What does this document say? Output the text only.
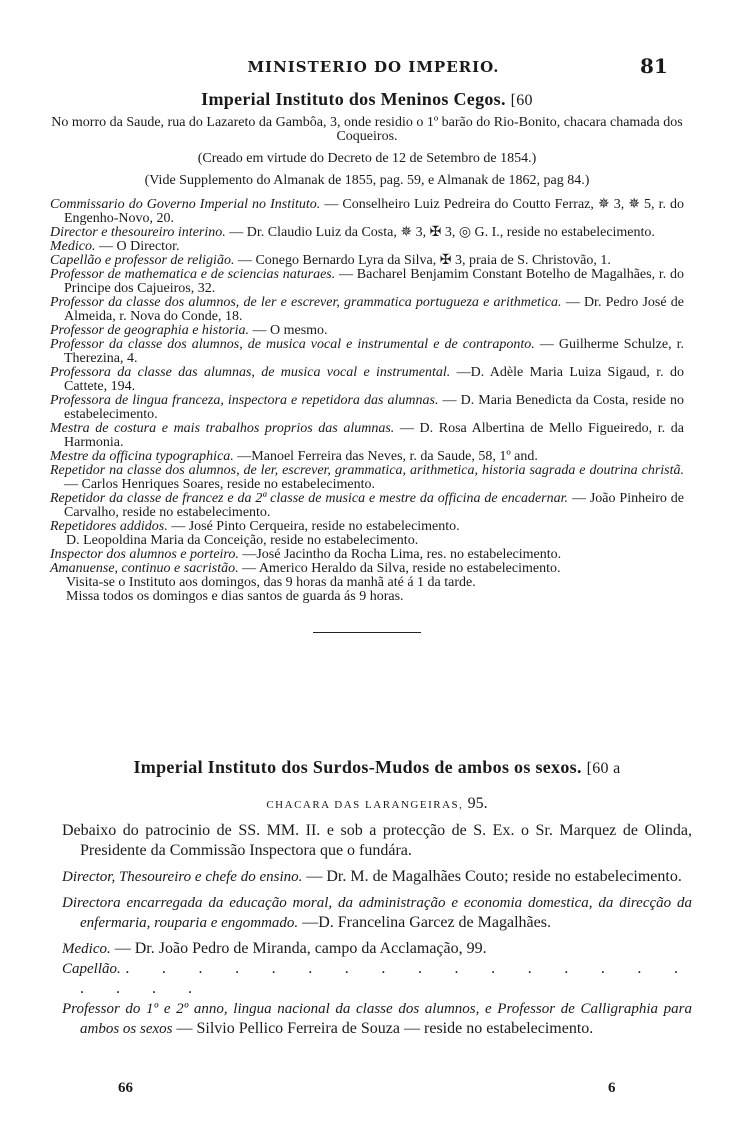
MINISTERIO DO IMPERIO.	81
Imperial Instituto dos Meninos Cegos. [60
No morro da Saude, rua do Lazareto da Gambôa, 3, onde residio o 1º barão do Rio-Bonito, chacara chamada dos Coqueiros.
(Creado em virtude do Decreto de 12 de Setembro de 1854.)
(Vide Supplemento do Almanak de 1855, pag. 59, e Almanak de 1862, pag 84.)
Commissario do Governo Imperial no Instituto. — Conselheiro Luiz Pedreira do Coutto Ferraz, ✵ 3, ✵ 5, r. do Engenho-Novo, 20.
Director e thesoureiro interino. — Dr. Claudio Luiz da Costa, ✵ 3, ✠ 3, ◎ G. I., reside no estabelecimento.
Medico. — O Director.
Capellão e professor de religião. — Conego Bernardo Lyra da Silva, ✠ 3, praia de S. Christovão, 1.
Professor de mathematica e de sciencias naturaes. — Bacharel Benjamim Constant Botelho de Magalhães, r. do Principe dos Cajueiros, 32.
Professor da classe dos alumnos, de ler e escrever, grammatica portugueza e arithmetica. — Dr. Pedro José de Almeida, r. Nova do Conde, 18.
Professor de geographia e historia. — O mesmo.
Professor da classe dos alumnos, de musica vocal e instrumental e de contraponto. — Guilherme Schulze, r. Therezina, 4.
Professora da classe das alumnas, de musica vocal e instrumental. —D. Adèle Maria Luiza Sigaud, r. do Cattete, 194.
Professora de lingua franceza, inspectora e repetidora das alumnas. — D. Maria Benedicta da Costa, reside no estabelecimento.
Mestra de costura e mais trabalhos proprios das alumnas. — D. Rosa Albertina de Mello Figueiredo, r. da Harmonia.
Mestre da officina typographica. —Manoel Ferreira das Neves, r. da Saude, 58, 1º and.
Repetidor na classe dos alumnos, de ler, escrever, grammatica, arithmetica, historia sagrada e doutrina christã. — Carlos Henriques Soares, reside no estabelecimento.
Repetidor da classe de francez e da 2ª classe de musica e mestre da officina de encadernar. — João Pinheiro de Carvalho, reside no estabelecimento.
Repetidores addidos. — José Pinto Cerqueira, reside no estabelecimento.
D. Leopoldina Maria da Conceição, reside no estabelecimento.
Inspector dos alumnos e porteiro. —José Jacintho da Rocha Lima, res. no estabelecimento.
Amanuense, continuo e sacristão. — Americo Heraldo da Silva, reside no estabelecimento.
Visita-se o Instituto aos domingos, das 9 horas da manhã até á 1 da tarde.
Missa todos os domingos e dias santos de guarda ás 9 horas.
Imperial Instituto dos Surdos-Mudos de ambos os sexos. [60 a
CHACARA DAS LARANGEIRAS, 95.
Debaixo do patrocinio de SS. MM. II. e sob a protecção de S. Ex. o Sr. Marquez de Olinda, Presidente da Commissão Inspectora que o fundára.
Director, Thesoureiro e chefe do ensino. — Dr. M. de Magalhães Couto; reside no estabelecimento.
Directora encarregada da educação moral, da administração e economia domestica, da direcção da enfermaria, rouparia e engommado. —D. Francelina Garcez de Magalhães.
Medico. — Dr. João Pedro de Miranda, campo da Acclamação, 99.
Capellão. . . . . . . . . . . . . . . . . . . . .
Professor do 1º e 2º anno, lingua nacional da classe dos alumnos, e Professor de Calligraphia para ambos os sexos — Silvio Pellico Ferreira de Souza — reside no estabelecimento.
66	6
